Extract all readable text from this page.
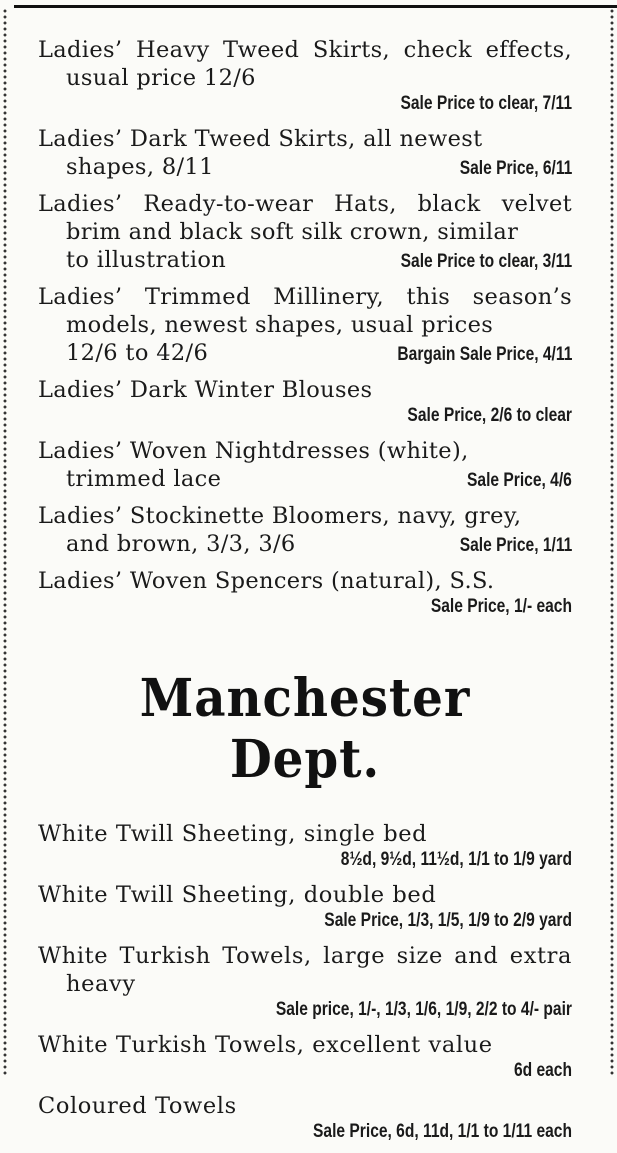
Ladies’ Heavy Tweed Skirts, check effects, usual price 12/6
Sale Price to clear, 7/11
Ladies’ Dark Tweed Skirts, all newest
shapes, 8/11	Sale Price, 6/11
Ladies’ Ready-to-wear Hats, black velvet brim and black soft silk crown, similar
to illustration	Sale Price to clear, 3/11
Ladies’ Trimmed Millinery, this season’s models, newest shapes, usual prices
12/6 to 42/6	Bargain Sale Price, 4/11
Ladies’ Dark Winter Blouses
Sale Price, 2/6 to clear
Ladies’ Woven Nightdresses (white),
trimmed lace	Sale Price, 4/6
Ladies’ Stockinette Bloomers, navy, grey,
and brown, 3/3, 3/6	Sale Price, 1/11
Ladies’ Woven Spencers (natural), S.S.
Sale Price, 1/- each
Manchester Dept.
White Twill Sheeting, single bed
8½d, 9½d, 11½d, 1/1 to 1/9 yard
White Twill Sheeting, double bed
Sale Price, 1/3, 1/5, 1/9 to 2/9 yard
White Turkish Towels, large size and extra heavy
Sale price, 1/-, 1/3, 1/6, 1/9, 2/2 to 4/- pair
White Turkish Towels, excellent value
6d each
Coloured Towels
Sale Price, 6d, 11d, 1/1 to 1/11 each
